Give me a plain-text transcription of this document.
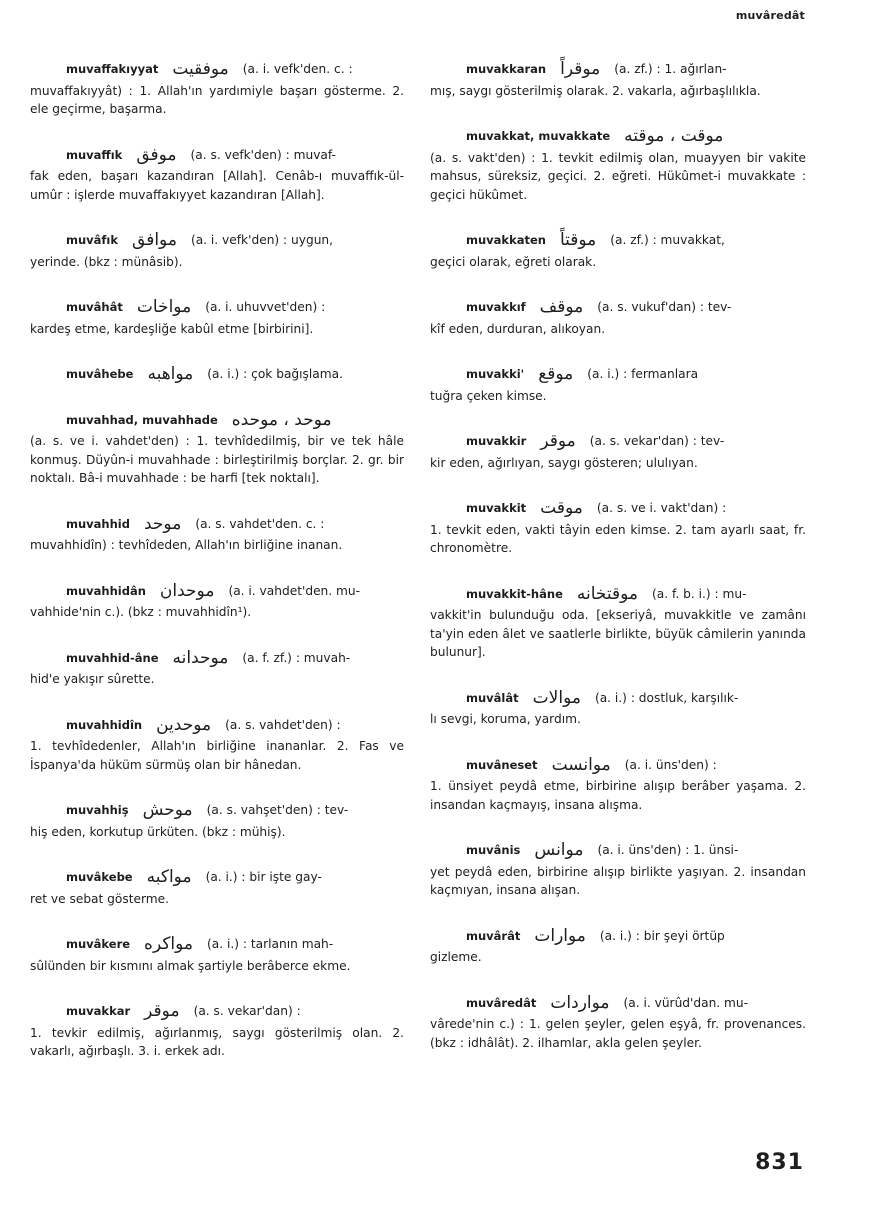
muvâredât
muvaffakıyyat موفقيت (a. i. vefk'den. c. :
muvaffakıyyât) : 1. Allah'ın yardımiyle başarı gösterme. 2. ele geçirme, başarma.
muvaffık موفق (a. s. vefk'den) : muvaf-
fak eden, başarı kazandıran [Allah]. Cenâb-ı muvaffık-ül-umûr : işlerde muvaffakıyyet kazandıran [Allah].
muvâfık موافق (a. i. vefk'den) : uygun,
yerinde. (bkz : münâsib).
muvâhât مواخات (a. i. uhuvvet'den) :
kardeş etme, kardeşliğe kabûl etme [birbirini].
muvâhebe مواهبه (a. i.) : çok bağışlama.
muvahhad, muvahhade موحد ، موحده
(a. s. ve i. vahdet'den) : 1. tevhîdedilmiş, bir ve tek hâle konmuş. Düyûn-i muvahhade : birleştirilmiş borçlar. 2. gr. bir noktalı. Bâ-i muvahhade : be harfi [tek noktalı].
muvahhid موحد (a. s. vahdet'den. c. :
muvahhidîn) : tevhîdeden, Allah'ın birliğine inanan.
muvahhidân موحدان (a. i. vahdet'den. mu-
vahhide'nin c.). (bkz : muvahhidîn¹).
muvahhid-âne موحدانه (a. f. zf.) : muvah-
hid'e yakışır sûrette.
muvahhidîn موحدين (a. s. vahdet'den) :
1. tevhîdedenler, Allah'ın birliğine inananlar. 2. Fas ve İspanya'da hüküm sürmüş olan bir hânedan.
muvahhiş موحش (a. s. vahşet'den) : tev-
hiş eden, korkutup ürküten. (bkz : mühiş).
muvâkebe مواكبه (a. i.) : bir işte gay-
ret ve sebat gösterme.
muvâkere مواكره (a. i.) : tarlanın mah-
sûlünden bir kısmını almak şartiyle berâberce ekme.
muvakkar موقر (a. s. vekar'dan) :
1. tevkir edilmiş, ağırlanmış, saygı gösterilmiş olan. 2. vakarlı, ağırbaşlı. 3. i. erkek adı.
muvakkaran موقراً (a. zf.) : 1. ağırlan-
mış, saygı gösterilmiş olarak. 2. vakarla, ağırbaşlılıkla.
muvakkat, muvakkate موقت ، موقته
(a. s. vakt'den) : 1. tevkit edilmiş olan, muayyen bir vakite mahsus, süreksiz, geçici. 2. eğreti. Hükûmet-i muvakkate : geçici hükûmet.
muvakkaten موقتاً (a. zf.) : muvakkat,
geçici olarak, eğreti olarak.
muvakkıf موقف (a. s. vukuf'dan) : tev-
kîf eden, durduran, alıkoyan.
muvakki' موقع (a. i.) : fermanlara
tuğra çeken kimse.
muvakkir موقر (a. s. vekar'dan) : tev-
kir eden, ağırlıyan, saygı gösteren; ululıyan.
muvakkit موقت (a. s. ve i. vakt'dan) :
1. tevkit eden, vakti tâyin eden kimse. 2. tam ayarlı saat, fr. chronomètre.
muvakkit-hâne موقتخانه (a. f. b. i.) : mu-
vakkit'in bulunduğu oda. [ekseriyâ, muvakkitle ve zamânı ta'yin eden âlet ve saatlerle birlikte, büyük câmilerin yanında bulunur].
muvâlât موالات (a. i.) : dostluk, karşılık-
lı sevgi, koruma, yardım.
muvâneset موانست (a. i. üns'den) :
1. ünsiyet peydâ etme, birbirine alışıp berâber yaşama. 2. insandan kaçmayış, insana alışma.
muvânis موانس (a. i. üns'den) : 1. ünsi-
yet peydâ eden, birbirine alışıp birlikte yaşıyan. 2. insandan kaçmıyan, insana alışan.
muvârât موارات (a. i.) : bir şeyi örtüp
gizleme.
muvâredât مواردات (a. i. vürûd'dan. mu-
vârede'nin c.) : 1. gelen şeyler, gelen eşyâ, fr. provenances. (bkz : idhâlât). 2. ilhamlar, akla gelen şeyler.
831
